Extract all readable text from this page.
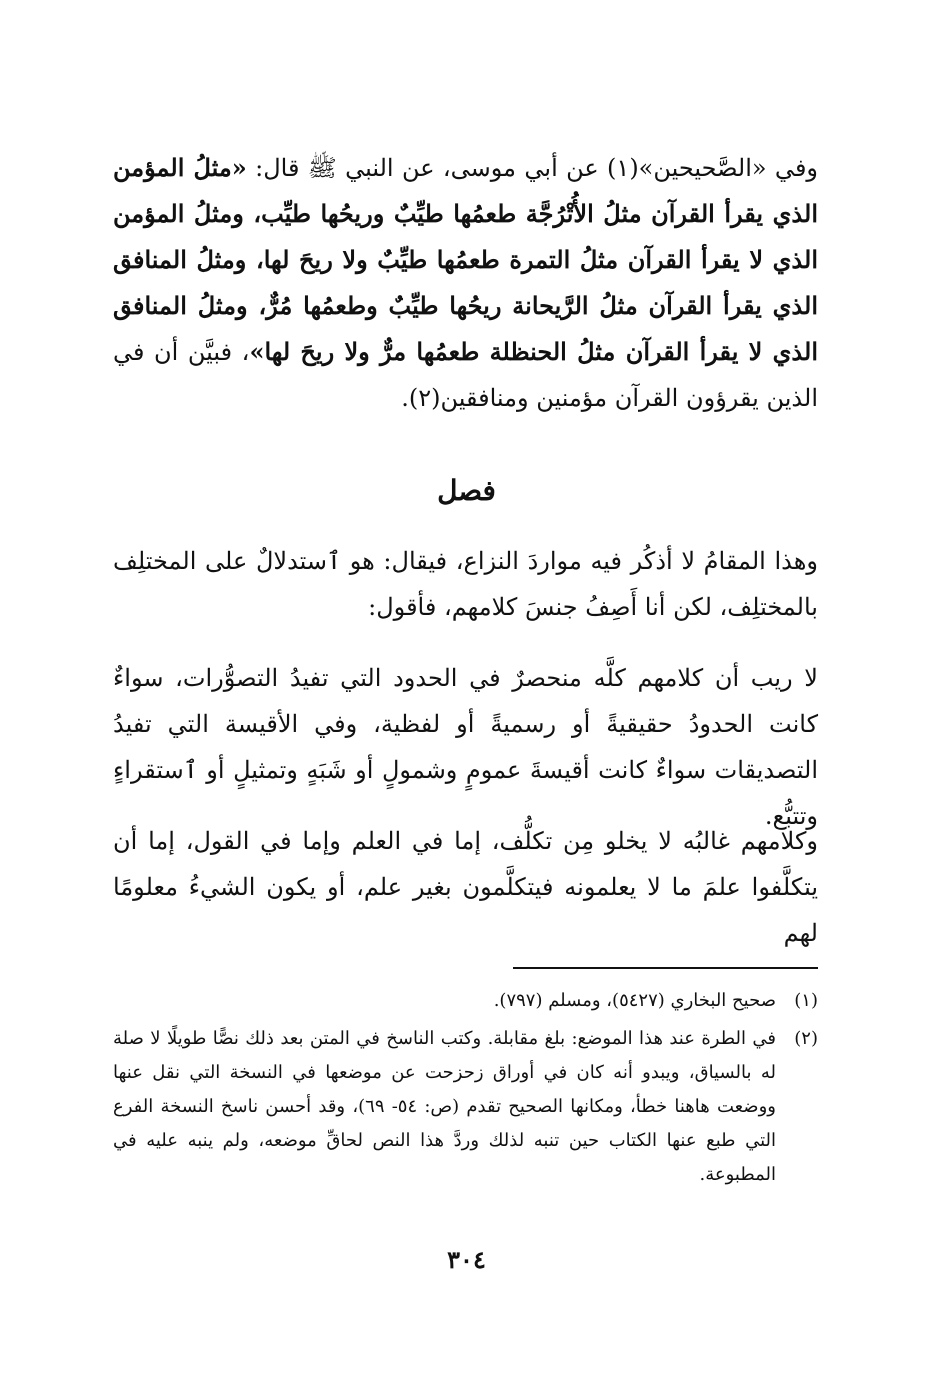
وفي «الصَّحيحين»(١) عن أبي موسى، عن النبي ﷺ قال: «مثلُ المؤمن الذي يقرأ القرآن مثلُ الأُتْرُجَّة طعمُها طيِّبٌ وريحُها طيِّب، ومثلُ المؤمن الذي لا يقرأ القرآن مثلُ التمرة طعمُها طيِّبٌ ولا ريحَ لها، ومثلُ المنافق الذي يقرأ القرآن مثلُ الرَّيحانة ريحُها طيِّبٌ وطعمُها مُرٌّ، ومثلُ المنافق الذي لا يقرأ القرآن مثلُ الحنظلة طعمُها مرٌّ ولا ريحَ لها»، فبيَّن أن في الذين يقرؤون القرآن مؤمنين ومنافقين(٢).

فصل

وهذا المقامُ لا أذكُر فيه مواردَ النزاع، فيقال: هو ٱستدلالٌ على المختلِف بالمختلِف، لكن أنا أَصِفُ جنسَ كلامهم، فأقول:

لا ريب أن كلامهم كلَّه منحصرٌ في الحدود التي تفيدُ التصوُّرات، سواءٌ كانت الحدودُ حقيقيةً أو رسميةً أو لفظية، وفي الأقيسة التي تفيدُ التصديقات سواءٌ كانت أقيسةَ عمومٍ وشمولٍ أو شَبَهٍ وتمثيلٍ أو ٱستقراءٍ وتتبُّع.

وكلامهم غالبُه لا يخلو مِن تكلُّف، إما في العلم وإما في القول، إما أن يتكلَّفوا علمَ ما لا يعلمونه فيتكلَّمون بغير علم، أو يكون الشيءُ معلومًا لهم

(١)
صحيح البخاري (٥٤٢٧)، ومسلم (٧٩٧).
(٢)
في الطرة عند هذا الموضع: بلغ مقابلة. وكتب الناسخ في المتن بعد ذلك نصًّا طويلًا لا صلة له بالسياق، ويبدو أنه كان في أوراق زحزحت عن موضعها في النسخة التي نقل عنها ووضعت هاهنا خطأ، ومكانها الصحيح تقدم (ص: ٥٤- ٦٩)، وقد أحسن ناسخ النسخة الفرع التي طبع عنها الكتاب حين تنبه لذلك وردَّ هذا النص لحاقِّ موضعه، ولم ينبه عليه في المطبوعة.
٣٠٤
